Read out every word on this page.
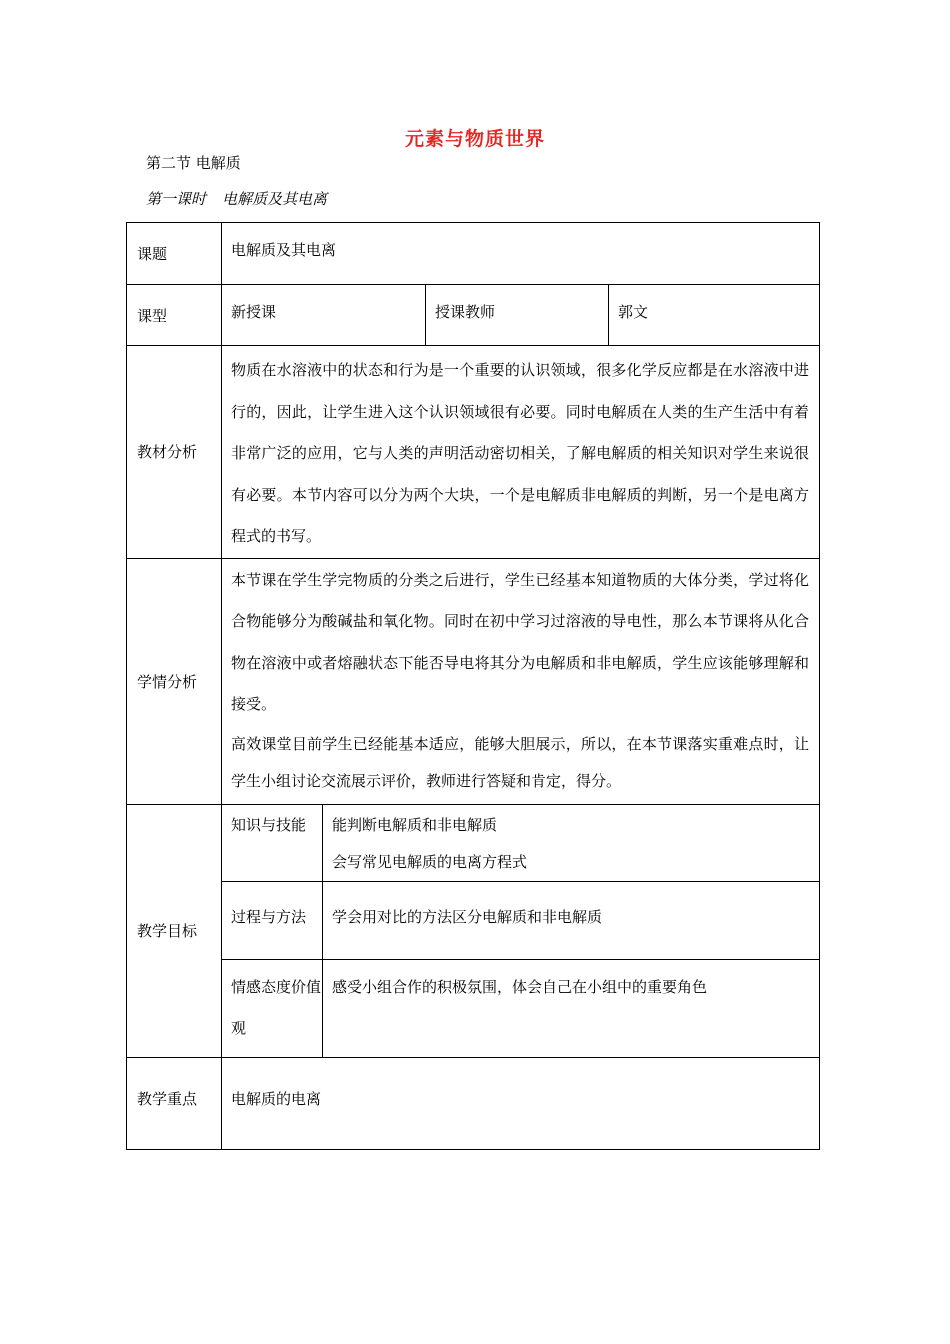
元素与物质世界
第二节 电解质
第一课时 电解质及其电离
课题	电解质及其电离			
课型	新授课		授课教师	郭文
教材分析	物质在水溶液中的状态和行为是一个重要的认识领域，很多化学反应都是在水溶液中进行的，因此，让学生进入这个认识领域很有必要。同时电解质在人类的生产生活中有着非常广泛的应用，它与人类的声明活动密切相关，了解电解质的相关知识对学生来说很有必要。本节内容可以分为两个大块，一个是电解质非电解质的判断，另一个是电离方程式的书写。			

学情分析	本节课在学生学完物质的分类之后进行，学生已经基本知道物质的大体分类，学过将化合物能够分为酸碱盐和氧化物。同时在初中学习过溶液的导电性，那么本节课将从化合物在溶液中或者熔融状态下能否导电将其分为电解质和非电解质，学生应该能够理解和接受。

高效课堂目前学生已经能基本适应，能够大胆展示，所以，在本节课落实重难点时，让学生小组讨论交流展示评价，教师进行答疑和肯定，得分。			

教学目标	知识与技能	能判断电解质和非电解质
会写常见电解质的电离方程式		

	过程与方法	学会用对比的方法区分电解质和非电解质		
	情感态度价值观	感受小组合作的积极氛围，体会自己在小组中的重要角色		
教学重点	电解质的电离			
